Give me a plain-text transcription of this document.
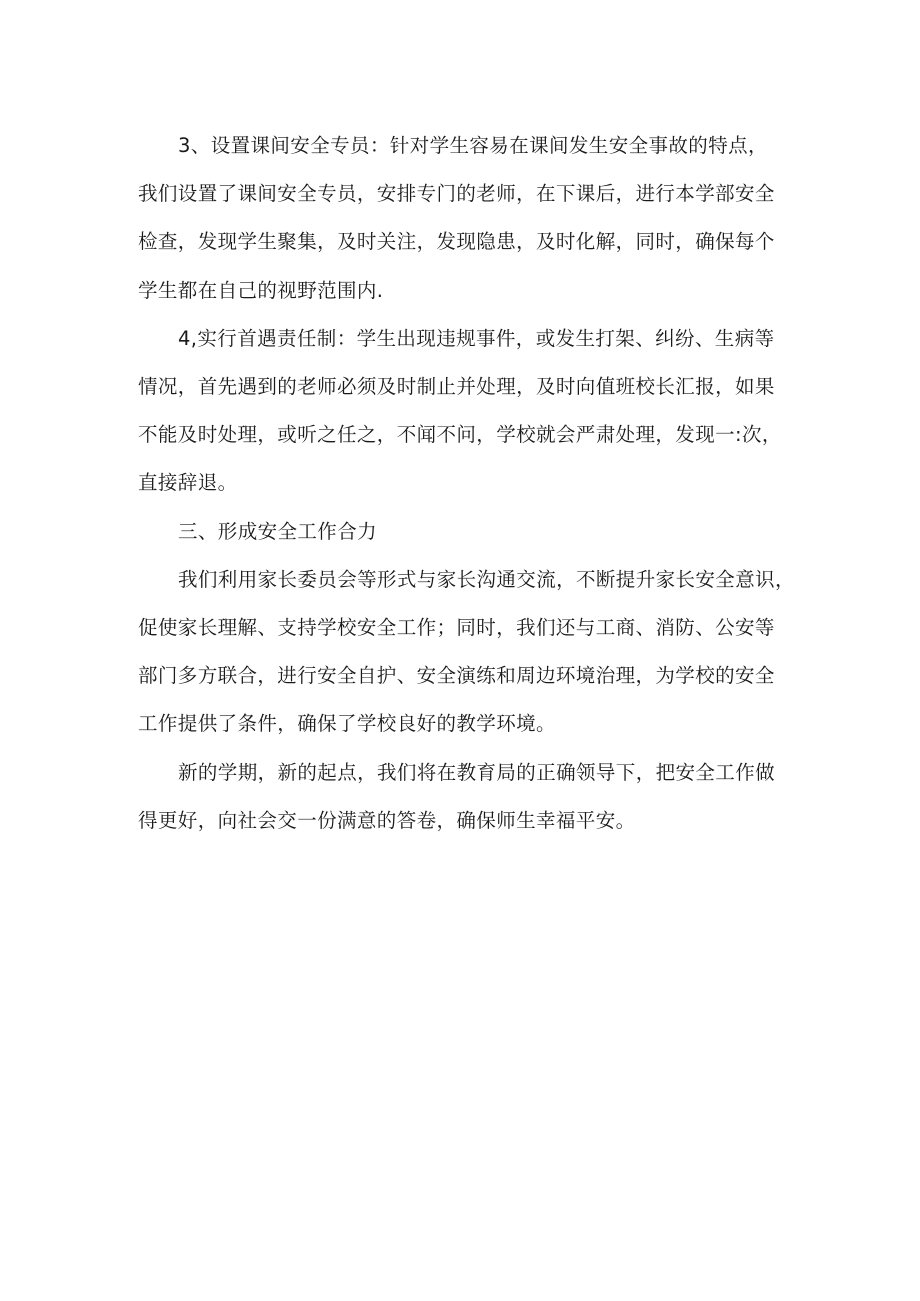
3、设置课间安全专员：针对学生容易在课间发生安全事故的特点，
我们设置了课间安全专员，安排专门的老师，在下课后，进行本学部安全
检查，发现学生聚集，及时关注，发现隐患，及时化解，同时，确保每个
学生都在自己的视野范围内.
4,实行首遇责任制：学生出现违规事件，或发生打架、纠纷、生病等
情况，首先遇到的老师必须及时制止并处理，及时向值班校长汇报，如果
不能及时处理，或听之任之，不闻不问，学校就会严肃处理，发现一:次，
直接辞退。
三、形成安全工作合力
我们利用家长委员会等形式与家长沟通交流，不断提升家长安全意识，
促使家长理解、支持学校安全工作；同时，我们还与工商、消防、公安等
部门多方联合，进行安全自护、安全演练和周边环境治理，为学校的安全
工作提供了条件，确保了学校良好的教学环境。
新的学期，新的起点，我们将在教育局的正确领导下，把安全工作做
得更好，向社会交一份满意的答卷，确保师生幸福平安。
